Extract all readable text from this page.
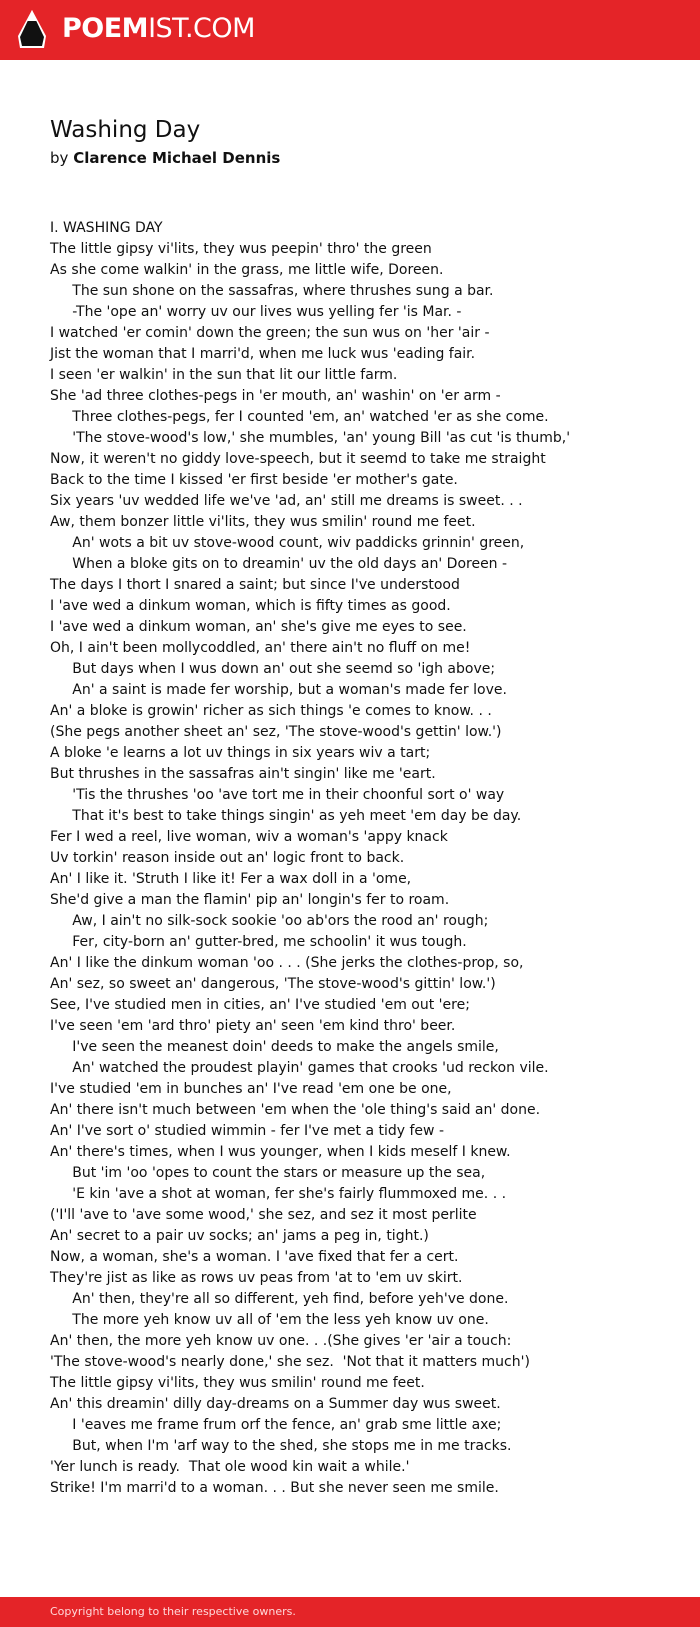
POEMIST.COM
Washing Day
by Clarence Michael Dennis
I. WASHING DAY
The little gipsy vi'lits, they wus peepin' thro' the green
As she come walkin' in the grass, me little wife, Doreen.
The sun shone on the sassafras, where thrushes sung a bar.
-The 'ope an' worry uv our lives wus yelling fer 'is Mar. -
I watched 'er comin' down the green; the sun wus on 'her 'air -
Jist the woman that I marri'd, when me luck wus 'eading fair.
I seen 'er walkin' in the sun that lit our little farm.
She 'ad three clothes-pegs in 'er mouth, an' washin' on 'er arm -
Three clothes-pegs, fer I counted 'em, an' watched 'er as she come.
'The stove-wood's low,' she mumbles, 'an' young Bill 'as cut 'is thumb,'
Now, it weren't no giddy love-speech, but it seemd to take me straight
Back to the time I kissed 'er first beside 'er mother's gate.
Six years 'uv wedded life we've 'ad, an' still me dreams is sweet. . .
Aw, them bonzer little vi'lits, they wus smilin' round me feet.
An' wots a bit uv stove-wood count, wiv paddicks grinnin' green,
When a bloke gits on to dreamin' uv the old days an' Doreen -
The days I thort I snared a saint; but since I've understood
I 'ave wed a dinkum woman, which is fifty times as good.
I 'ave wed a dinkum woman, an' she's give me eyes to see.
Oh, I ain't been mollycoddled, an' there ain't no fluff on me!
But days when I wus down an' out she seemd so 'igh above;
An' a saint is made fer worship, but a woman's made fer love.
An' a bloke is growin' richer as sich things 'e comes to know. . .
(She pegs another sheet an' sez, 'The stove-wood's gettin' low.')
A bloke 'e learns a lot uv things in six years wiv a tart;
But thrushes in the sassafras ain't singin' like me 'eart.
'Tis the thrushes 'oo 'ave tort me in their choonful sort o' way
That it's best to take things singin' as yeh meet 'em day be day.
Fer I wed a reel, live woman, wiv a woman's 'appy knack
Uv torkin' reason inside out an' logic front to back.
An' I like it. 'Struth I like it! Fer a wax doll in a 'ome,
She'd give a man the flamin' pip an' longin's fer to roam.
Aw, I ain't no silk-sock sookie 'oo ab'ors the rood an' rough;
Fer, city-born an' gutter-bred, me schoolin' it wus tough.
An' I like the dinkum woman 'oo . . . (She jerks the clothes-prop, so,
An' sez, so sweet an' dangerous, 'The stove-wood's gittin' low.')
See, I've studied men in cities, an' I've studied 'em out 'ere;
I've seen 'em 'ard thro' piety an' seen 'em kind thro' beer.
I've seen the meanest doin' deeds to make the angels smile,
An' watched the proudest playin' games that crooks 'ud reckon vile.
I've studied 'em in bunches an' I've read 'em one be one,
An' there isn't much between 'em when the 'ole thing's said an' done.
An' I've sort o' studied wimmin - fer I've met a tidy few -
An' there's times, when I wus younger, when I kids meself I knew.
But 'im 'oo 'opes to count the stars or measure up the sea,
'E kin 'ave a shot at woman, fer she's fairly flummoxed me. . .
('I'll 'ave to 'ave some wood,' she sez, and sez it most perlite
An' secret to a pair uv socks; an' jams a peg in, tight.)
Now, a woman, she's a woman. I 'ave fixed that fer a cert.
They're jist as like as rows uv peas from 'at to 'em uv skirt.
An' then, they're all so different, yeh find, before yeh've done.
The more yeh know uv all of 'em the less yeh know uv one.
An' then, the more yeh know uv one. . .(She gives 'er 'air a touch:
'The stove-wood's nearly done,' she sez.  'Not that it matters much')
The little gipsy vi'lits, they wus smilin' round me feet.
An' this dreamin' dilly day-dreams on a Summer day wus sweet.
I 'eaves me frame frum orf the fence, an' grab sme little axe;
But, when I'm 'arf way to the shed, she stops me in me tracks.
'Yer lunch is ready.  That ole wood kin wait a while.'
Strike! I'm marri'd to a woman. . . But she never seen me smile.
Copyright belong to their respective owners.
